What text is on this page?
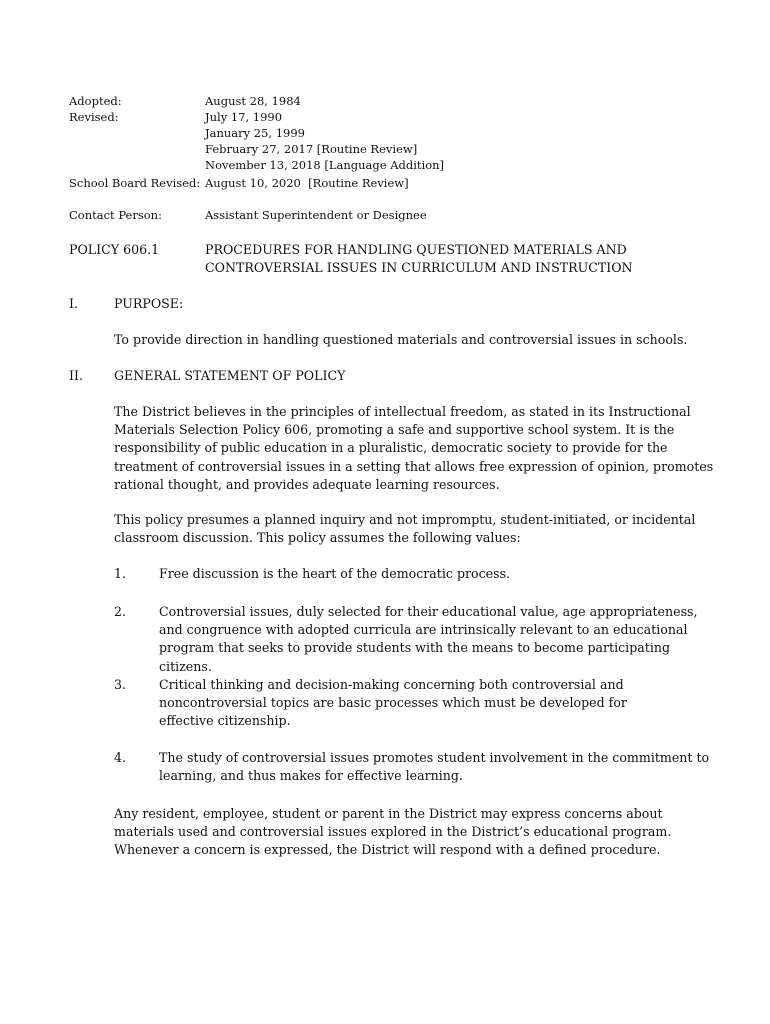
Adopted:	August 28, 1984
Revised:	July 17, 1990
January 25, 1999
February 27, 2017 [Routine Review]
November 13, 2018 [Language Addition]
School Board Revised: August 10, 2020  [Routine Review]
Contact Person:	Assistant Superintendent or Designee
POLICY 606.1	PROCEDURES FOR HANDLING QUESTIONED MATERIALS AND
CONTROVERSIAL ISSUES IN CURRICULUM AND INSTRUCTION
I.	PURPOSE:

To provide direction in handling questioned materials and controversial issues in schools.

II. GENERAL STATEMENT OF POLICY

The District believes in the principles of intellectual freedom, as stated in its Instructional Materials Selection Policy 606, promoting a safe and supportive school system. It is the responsibility of public education in a pluralistic, democratic society to provide for the treatment of controversial issues in a setting that allows free expression of opinion, promotes rational thought, and provides adequate learning resources.

This policy presumes a planned inquiry and not impromptu, student-initiated, or incidental classroom discussion. This policy assumes the following values:

1.	Free discussion is the heart of the democratic process.

2.	Controversial issues, duly selected for their educational value, age appropriateness, and congruence with adopted curricula are intrinsically relevant to an educational program that seeks to provide students with the means to become participating citizens.

3.	Critical thinking and decision-making concerning both controversial and noncontroversial topics are basic processes which must be developed for effective citizenship.

4.	The study of controversial issues promotes student involvement in the commitment to learning, and thus makes for effective learning.

Any resident, employee, student or parent in the District may express concerns about materials used and controversial issues explored in the District’s educational program. Whenever a concern is expressed, the District will respond with a defined procedure.
